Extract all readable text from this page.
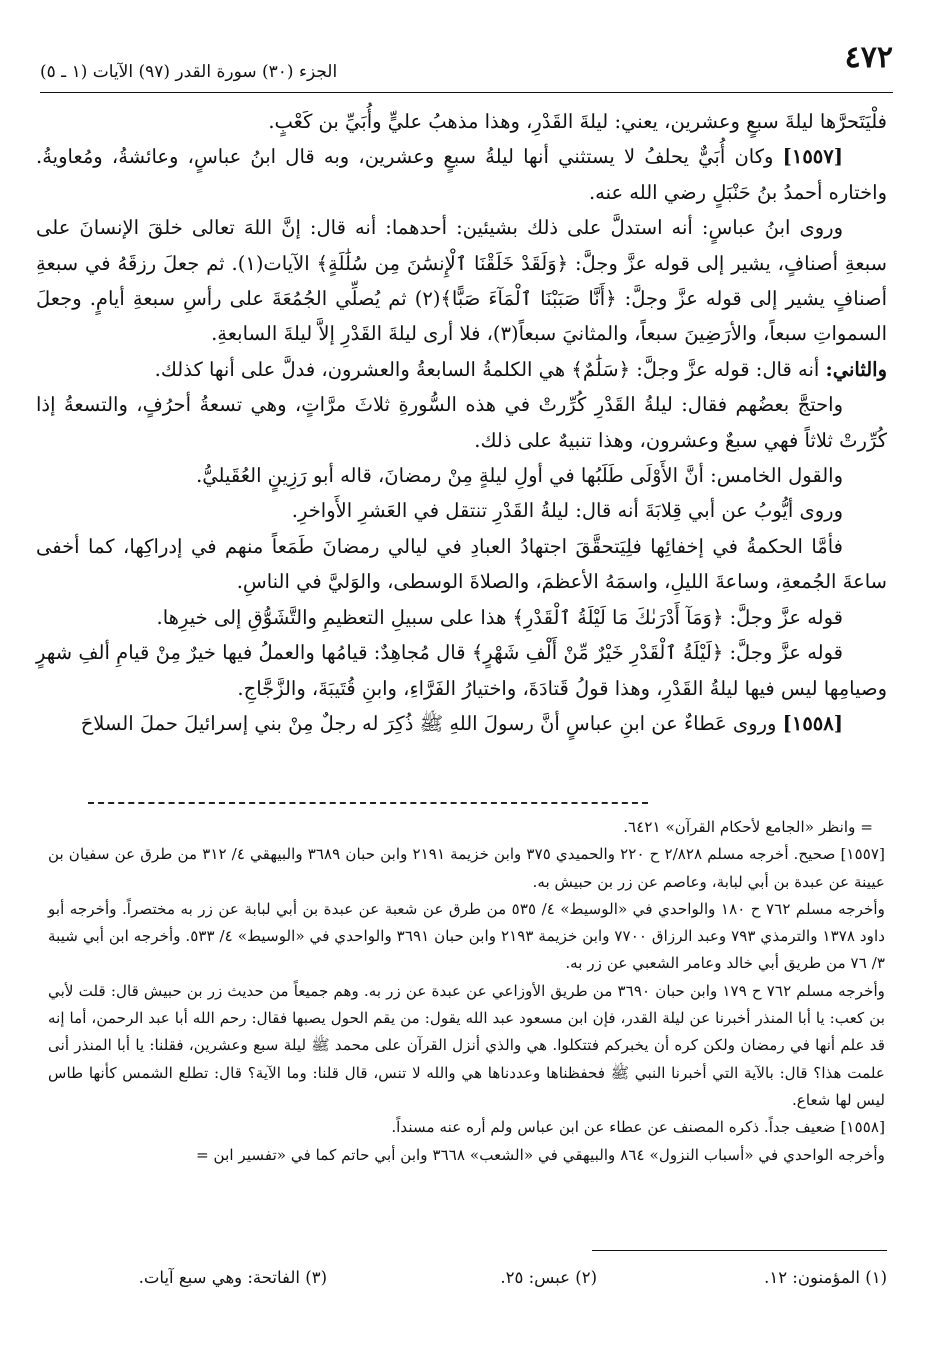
٤٧٢
الجزء (٣٠) سورة القدر (٩٧) الآيات (١ ـ ٥)

فلْيَتَحرَّها ليلةَ سبعٍ وعشرين، يعني: ليلةَ القَدْرِ، وهذا مذهبُ عليٍّ وأُبَيِّ بن كَعْبٍ.

[١٥٥٧] وكان أُبَيٌّ يحلفُ لا يستثني أنها ليلةُ سبعٍ وعشرين، وبه قال ابنُ عباسٍ، وعائشةُ، ومُعاويةُ. واختاره أحمدُ بنُ حَنْبَلٍ رضي الله عنه.

وروى ابنُ عباسٍ: أنه استدلَّ على ذلك بشيئين: أحدهما: أنه قال: إنَّ اللهَ تعالى خلقَ الإنسانَ على سبعةِ أصنافٍ، يشير إلى قوله عزَّ وجلَّ: ﴿وَلَقَدْ خَلَقْنَا ٱلْإِنسَٰنَ مِن سُلَٰلَةٍ﴾ الآيات(١). ثم جعلَ رزقَهُ في سبعةِ أصنافٍ يشير إلى قوله عزَّ وجلَّ: ﴿أَنَّا صَبَبْنَا ٱلْمَآءَ صَبًّا﴾(٢) ثم يُصلِّي الجُمُعَةَ على رأسِ سبعةِ أيامٍ. وجعلَ السمواتِ سبعاً، والأرَضِينَ سبعاً، والمثانيَ سبعاً(٣)، فلا أرى ليلةَ القَدْرِ إلاَّ ليلةَ السابعةِ.

والثاني: أنه قال: قوله عزَّ وجلَّ: ﴿سَلَٰمٌ﴾ هي الكلمةُ السابعةُ والعشرون، فدلَّ على أنها كذلك.

واحتجَّ بعضُهم فقال: ليلةُ القَدْرِ كُرِّرتْ في هذه السُّورةِ ثلاثَ مرَّاتٍ، وهي تسعةُ أحرُفٍ، والتسعةُ إذا كُرِّرتْ ثلاثاً فهي سبعٌ وعشرون، وهذا تنبيهٌ على ذلك.

والقول الخامس: أنَّ الأَوْلَى طَلَبُها في أولِ ليلةٍ مِنْ رمضانَ، قاله أبو رَزِينٍ العُقَيليُّ.

وروى أيُّوبُ عن أبي قِلابَةَ أنه قال: ليلةُ القَدْرِ تنتقل في العَشرِ الأَواخرِ.

فأمَّا الحكمةُ في إخفائِها فلِيَتحقَّقَ اجتهادُ العبادِ في ليالي رمضانَ طَمَعاً منهم في إدراكِها، كما أخفى ساعةَ الجُمعةِ، وساعةَ الليلِ، واسمَهُ الأعظمَ، والصلاةَ الوسطى، والوَليَّ في الناسِ.

قوله عزَّ وجلَّ: ﴿وَمَآ أَدْرَىٰكَ مَا لَيْلَةُ ٱلْقَدْرِ﴾ هذا على سبيلِ التعظيمِ والتَّشَوُّقِ إلى خيرِها.

قوله عزَّ وجلَّ: ﴿لَيْلَةُ ٱلْقَدْرِ خَيْرٌ مِّنْ أَلْفِ شَهْرٍ﴾ قال مُجاهِدٌ: قيامُها والعملُ فيها خيرٌ مِنْ قيامِ ألفِ شهرٍ وصيامِها ليس فيها ليلةُ القَدْرِ، وهذا قولُ قَتادَةَ، واختيارُ الفَرَّاءِ، وابنِ قُتَيبَةَ، والزَّجَّاجِ.

[١٥٥٨] وروى عَطاءٌ عن ابنِ عباسٍ أنَّ رسولَ اللهِ ﷺ ذُكِرَ له رجلٌ مِنْ بني إسرائيلَ حملَ السلاحَ

= وانظر «الجامع لأحكام القرآن» ٦٤٢١.

[١٥٥٧] صحيح. أخرجه مسلم ٢/٨٢٨ ح ٢٢٠ والحميدي ٣٧٥ وابن خزيمة ٢١٩١ وابن حبان ٣٦٨٩ والبيهقي ٤/ ٣١٢ من طرق عن سفيان بن عيينة عن عبدة بن أبي لبابة، وعاصم عن زر بن حبيش به.

وأخرجه مسلم ٧٦٢ ح ١٨٠ والواحدي في «الوسيط» ٤/ ٥٣٥ من طرق عن شعبة عن عبدة بن أبي لبابة عن زر به مختصراً. وأخرجه أبو داود ١٣٧٨ والترمذي ٧٩٣ وعبد الرزاق ٧٧٠٠ وابن خزيمة ٢١٩٣ وابن حبان ٣٦٩١ والواحدي في «الوسيط» ٤/ ٥٣٣. وأخرجه ابن أبي شيبة ٣/ ٧٦ من طريق أبي خالد وعامر الشعبي عن زر به.

وأخرجه مسلم ٧٦٢ ح ١٧٩ وابن حبان ٣٦٩٠ من طريق الأوزاعي عن عبدة عن زر به. وهم جميعاً من حديث زر بن حبيش قال: قلت لأبي بن كعب: يا أبا المنذر أخبرنا عن ليلة القدر، فإن ابن مسعود عبد الله يقول: من يقم الحول يصبها فقال: رحم الله أبا عبد الرحمن، أما إنه قد علم أنها في رمضان ولكن كره أن يخبركم فتتكلوا. هي والذي أنزل القرآن على محمد ﷺ ليلة سبع وعشرين، فقلنا: يا أبا المنذر أنى علمت هذا؟ قال: بالآية التي أخبرنا النبي ﷺ فحفظناها وعددناها هي والله لا تنس، قال قلنا: وما الآية؟ قال: تطلع الشمس كأنها طاس ليس لها شعاع.

[١٥٥٨] ضعيف جداً. ذكره المصنف عن عطاء عن ابن عباس ولم أره عنه مسنداً.

وأخرجه الواحدي في «أسباب النزول» ٨٦٤ والبيهقي في «الشعب» ٣٦٦٨ وابن أبي حاتم كما في «تفسير ابن =

(١) المؤمنون: ١٢.
(٢) عبس: ٢٥.
(٣) الفاتحة: وهي سبع آيات.
